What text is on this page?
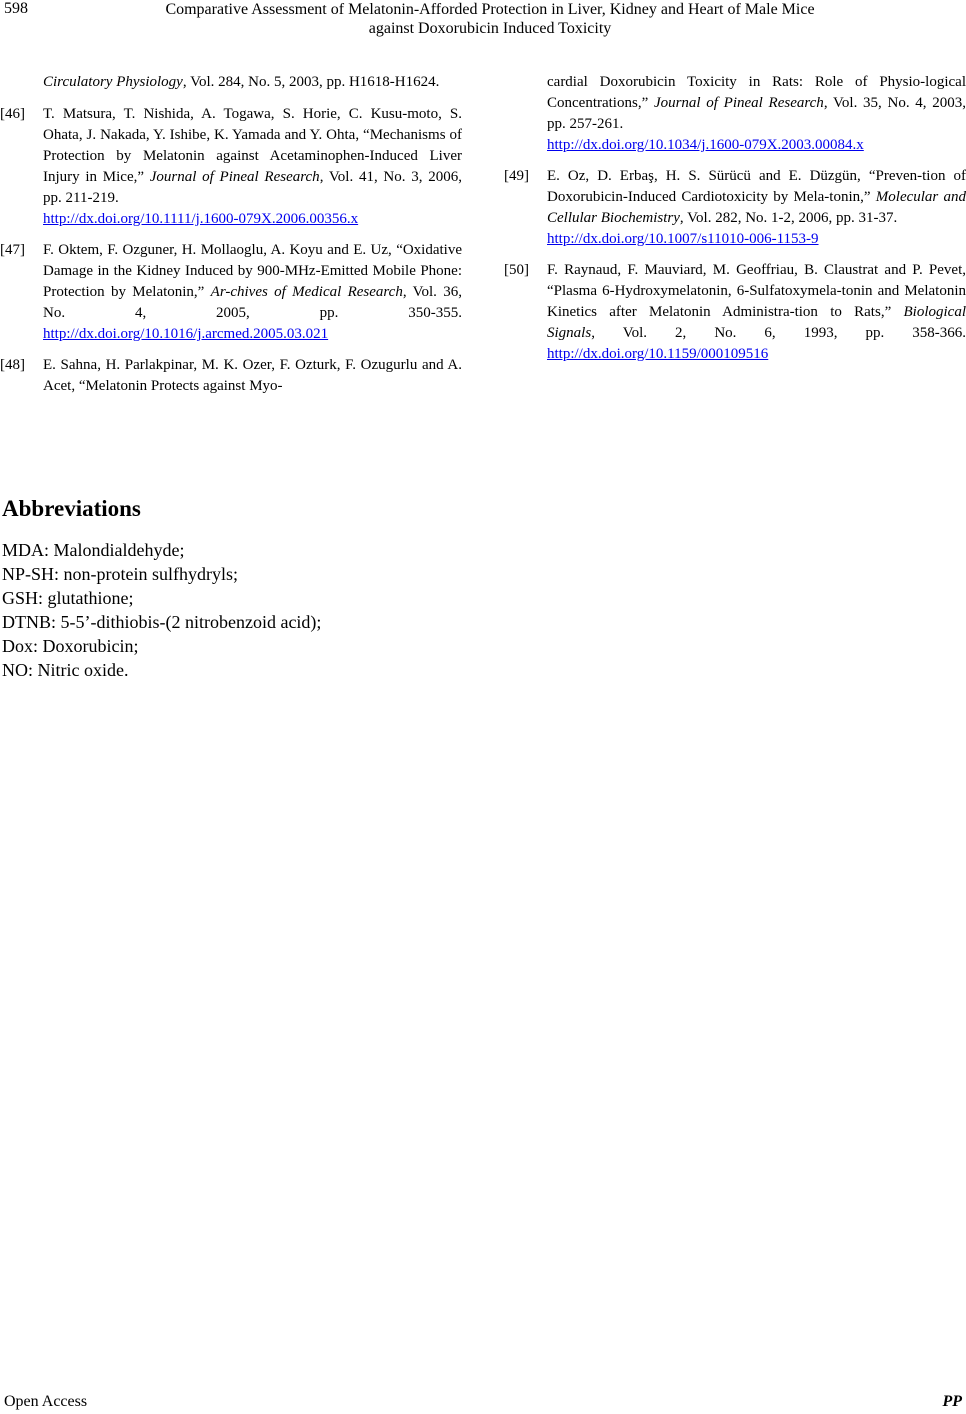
598	Comparative Assessment of Melatonin-Afforded Protection in Liver, Kidney and Heart of Male Mice
against Doxorubicin Induced Toxicity
Circulatory Physiology, Vol. 284, No. 5, 2003, pp. H1618-H1624.
[46] T. Matsura, T. Nishida, A. Togawa, S. Horie, C. Kusu-moto, S. Ohata, J. Nakada, Y. Ishibe, K. Yamada and Y. Ohta, “Mechanisms of Protection by Melatonin against Acetaminophen-Induced Liver Injury in Mice,” Journal of Pineal Research, Vol. 41, No. 3, 2006, pp. 211-219.
http://dx.doi.org/10.1111/j.1600-079X.2006.00356.x
[47] F. Oktem, F. Ozguner, H. Mollaoglu, A. Koyu and E. Uz, “Oxidative Damage in the Kidney Induced by 900-MHz-Emitted Mobile Phone: Protection by Melatonin,” Ar-chives of Medical Research, Vol. 36, No. 4, 2005, pp. 350-355. http://dx.doi.org/10.1016/j.arcmed.2005.03.021
[48] E. Sahna, H. Parlakpinar, M. K. Ozer, F. Ozturk, F. Ozugurlu and A. Acet, “Melatonin Protects against Myo-
cardial Doxorubicin Toxicity in Rats: Role of Physio-logical Concentrations,” Journal of Pineal Research, Vol. 35, No. 4, 2003, pp. 257-261.
http://dx.doi.org/10.1034/j.1600-079X.2003.00084.x
[49] E. Oz, D. Erbaş, H. S. Sürücü and E. Düzgün, “Preven-tion of Doxorubicin-Induced Cardiotoxicity by Mela-tonin,” Molecular and Cellular Biochemistry, Vol. 282, No. 1-2, 2006, pp. 31-37.
http://dx.doi.org/10.1007/s11010-006-1153-9
[50] F. Raynaud, F. Mauviard, M. Geoffriau, B. Claustrat and P. Pevet, “Plasma 6-Hydroxymelatonin, 6-Sulfatoxymela-tonin and Melatonin Kinetics after Melatonin Administra-tion to Rats,” Biological Signals, Vol. 2, No. 6, 1993, pp. 358-366. http://dx.doi.org/10.1159/000109516
Abbreviations
MDA: Malondialdehyde;
NP-SH: non-protein sulfhydryls;
GSH: glutathione;
DTNB: 5-5’-dithiobis-(2 nitrobenzoid acid);
Dox: Doxorubicin;
NO: Nitric oxide.
Open Access	PP
